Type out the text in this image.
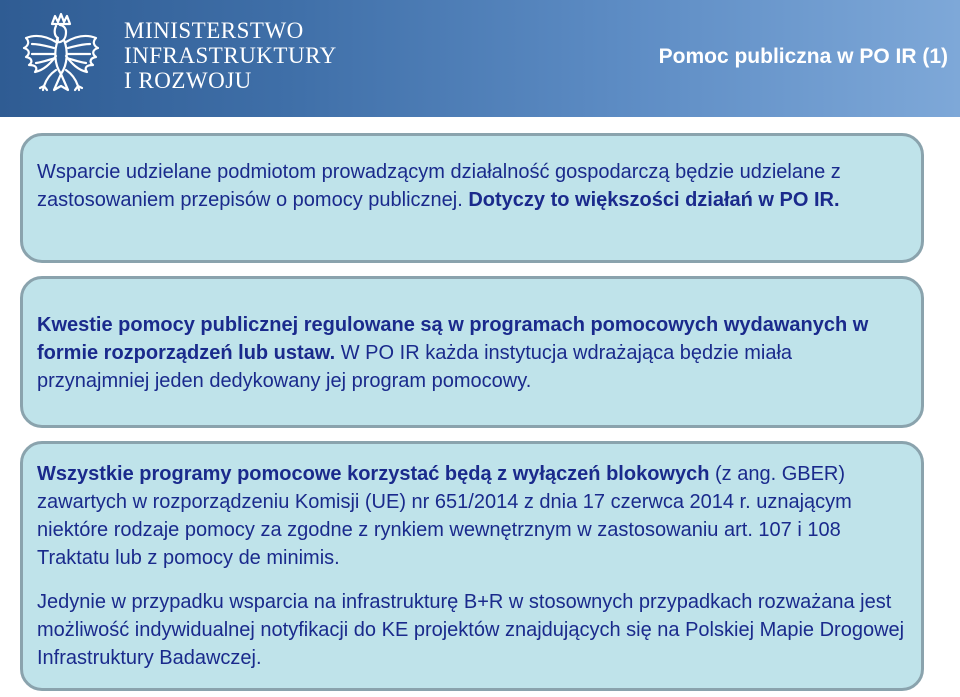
MINISTERSTWO
INFRASTRUKTURY
I ROZWOJU
Pomoc publiczna w PO IR (1)
Wsparcie udzielane podmiotom prowadzącym działalność gospodarczą będzie udzielane z zastosowaniem przepisów o pomocy publicznej. Dotyczy to większości działań w PO IR.
Kwestie pomocy publicznej regulowane są w programach pomocowych wydawanych w formie rozporządzeń lub ustaw. W PO IR każda instytucja wdrażająca będzie miała przynajmniej jeden dedykowany jej program pomocowy.
Wszystkie programy pomocowe korzystać będą z wyłączeń blokowych (z ang. GBER) zawartych w rozporządzeniu Komisji (UE) nr 651/2014 z dnia 17 czerwca 2014 r. uznającym niektóre rodzaje pomocy za zgodne z rynkiem wewnętrznym w zastosowaniu art. 107 i 108 Traktatu lub z pomocy de minimis.
Jedynie w przypadku wsparcia na infrastrukturę B+R w stosownych przypadkach rozważana jest możliwość indywidualnej notyfikacji do KE projektów znajdujących się na Polskiej Mapie Drogowej Infrastruktury Badawczej.
